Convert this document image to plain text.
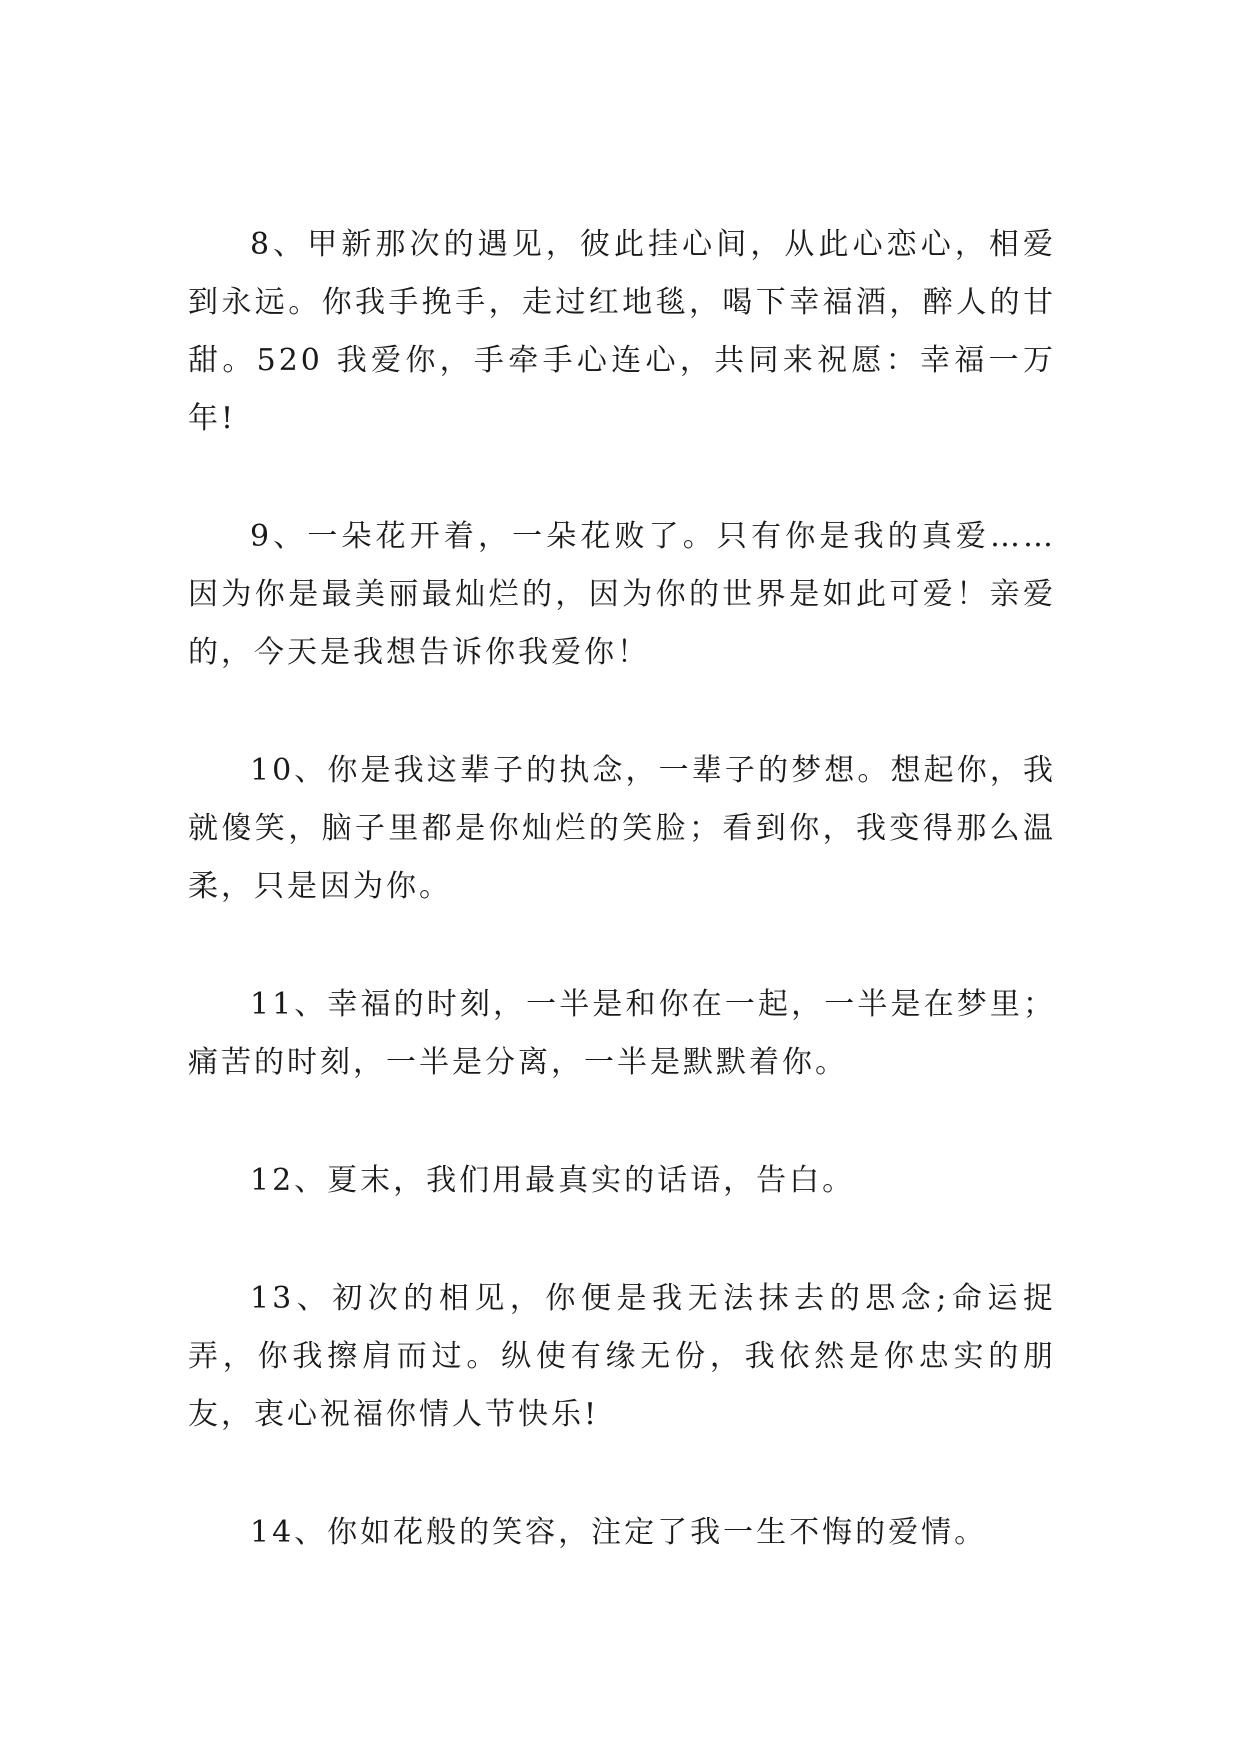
8、甲新那次的遇见，彼此挂心间，从此心恋心，相爱到永远。你我手挽手，走过红地毯，喝下幸福酒，醉人的甘甜。520 我爱你，手牵手心连心，共同来祝愿：幸福一万年!

9、一朵花开着，一朵花败了。只有你是我的真爱……因为你是最美丽最灿烂的，因为你的世界是如此可爱！亲爱的，今天是我想告诉你我爱你！

10、你是我这辈子的执念，一辈子的梦想。想起你，我就傻笑，脑子里都是你灿烂的笑脸；看到你，我变得那么温柔，只是因为你。

11、幸福的时刻，一半是和你在一起，一半是在梦里；痛苦的时刻，一半是分离，一半是默默着你。

12、夏末，我们用最真实的话语，告白。

13、初次的相见，你便是我无法抹去的思念;命运捉弄，你我擦肩而过。纵使有缘无份，我依然是你忠实的朋友，衷心祝福你情人节快乐!

14、你如花般的笑容，注定了我一生不悔的爱情。
